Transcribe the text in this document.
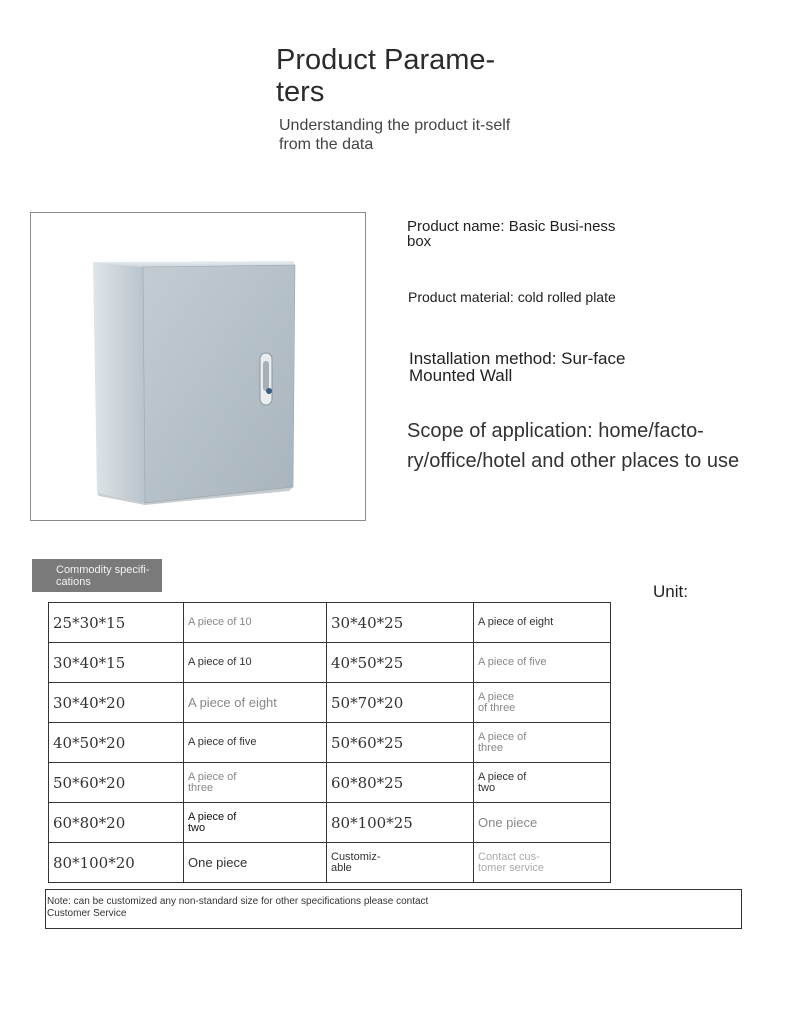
Product Parame-ters
Understanding the product it-self from the data
Product name: Basic Busi-ness box
Product material: cold rolled plate
Installation method: Sur-face Mounted Wall
Scope of application: home/facto-ry/office/hotel and other places to use
Commodity specifi-cations	Unit:
25*30*15	A piece of 10	30*40*25	A piece of eight
30*40*15	A piece of 10	40*50*25	A piece of five
30*40*20	A piece of eight	50*70*20	A piece of three
40*50*20	A piece of five	50*60*25	A piece of three
50*60*20	A piece of three	60*80*25	A piece of two
60*80*20	A piece of two	80*100*25	One piece
80*100*20	One piece	Customiz-able	Contact cus-tomer service
Note: can be customized any non-standard size for other specifications please contact Customer Service
